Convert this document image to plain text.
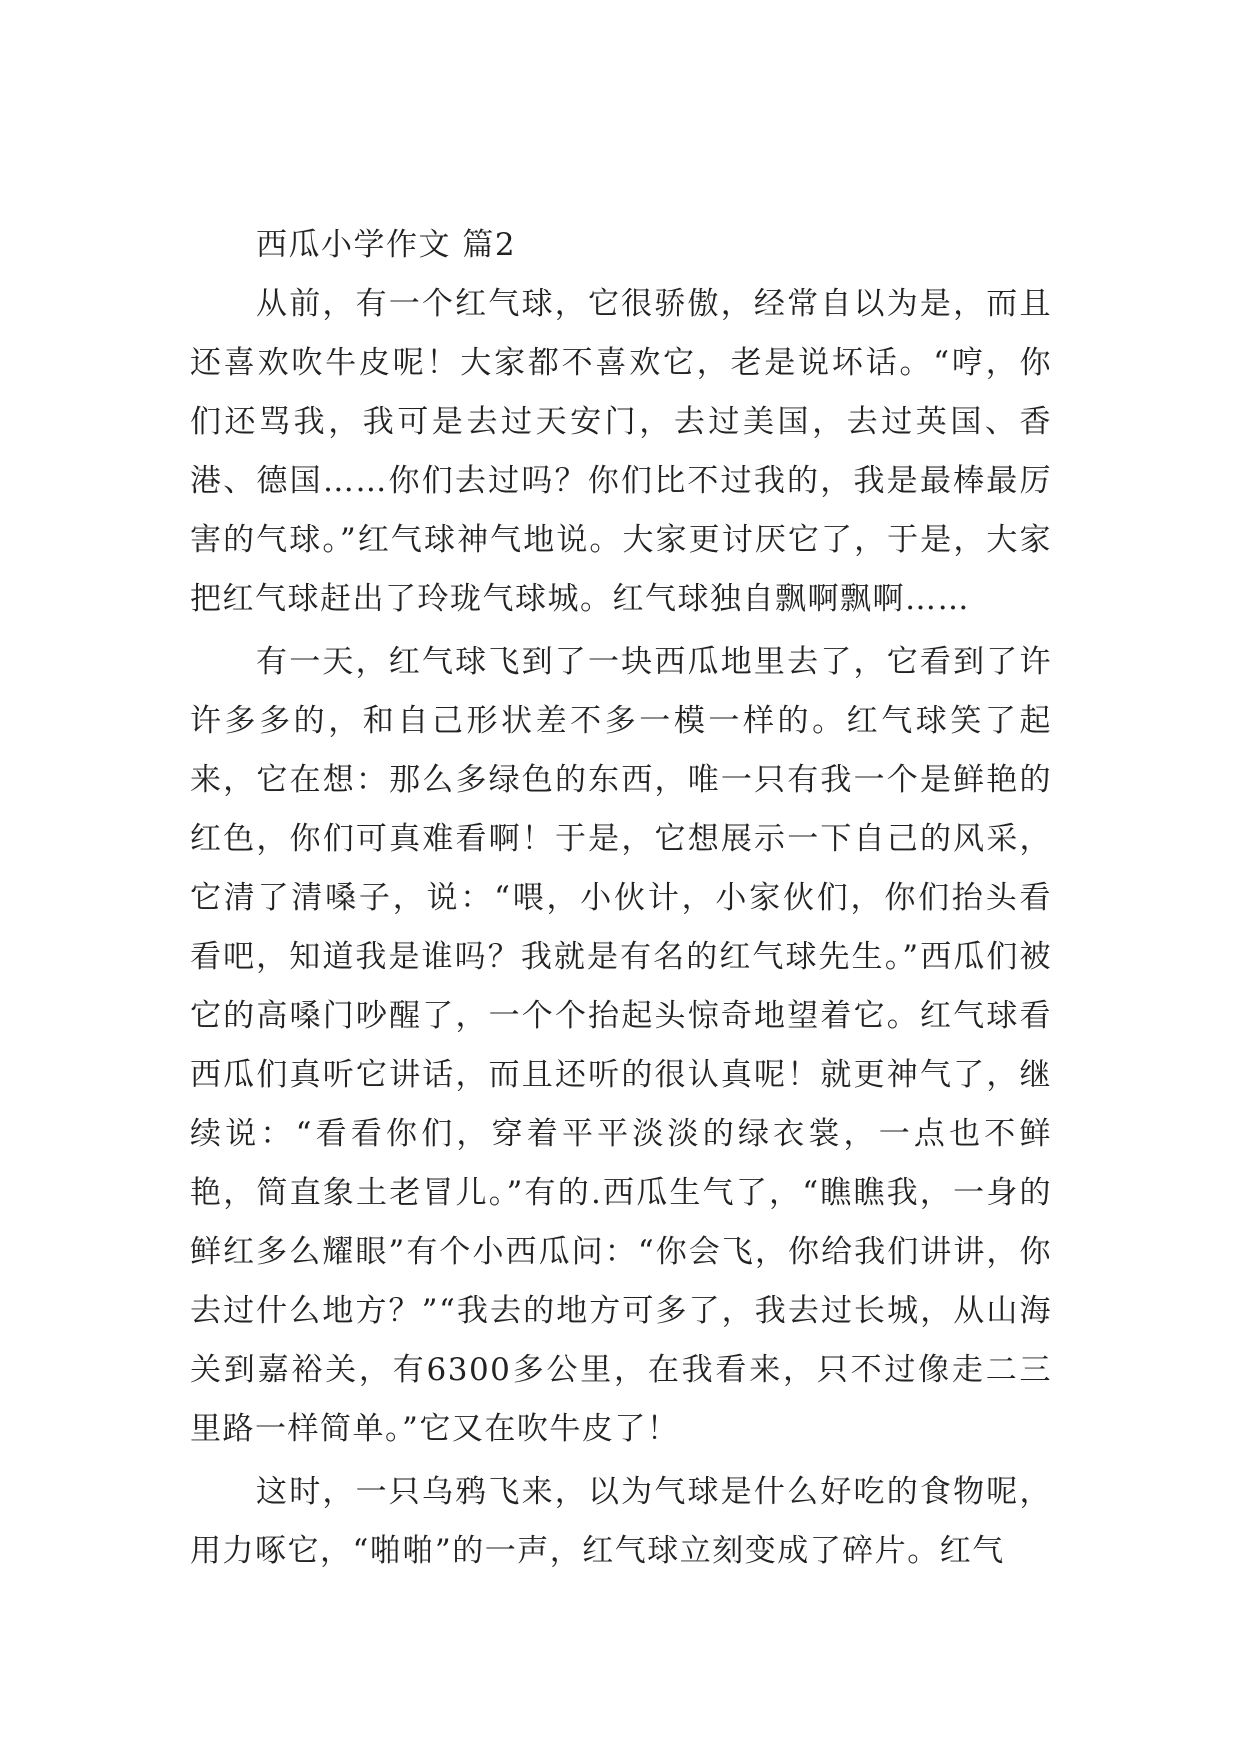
西瓜小学作文 篇2

从前，有一个红气球，它很骄傲，经常自以为是，而且还喜欢吹牛皮呢！大家都不喜欢它，老是说坏话。“哼，你们还骂我，我可是去过天安门，去过美国，去过英国、香港、德国……你们去过吗？你们比不过我的，我是最棒最厉害的气球。”红气球神气地说。大家更讨厌它了，于是，大家把红气球赶出了玲珑气球城。红气球独自飘啊飘啊……

有一天，红气球飞到了一块西瓜地里去了，它看到了许许多多的，和自己形状差不多一模一样的。红气球笑了起来，它在想：那么多绿色的东西，唯一只有我一个是鲜艳的红色，你们可真难看啊！于是，它想展示一下自己的风采，它清了清嗓子，说：“喂，小伙计，小家伙们，你们抬头看看吧，知道我是谁吗？我就是有名的红气球先生。”西瓜们被它的高嗓门吵醒了，一个个抬起头惊奇地望着它。红气球看西瓜们真听它讲话，而且还听的很认真呢！就更神气了，继续说：“看看你们，穿着平平淡淡的绿衣裳，一点也不鲜艳，简直象土老冒儿。”有的.西瓜生气了，“瞧瞧我，一身的鲜红多么耀眼”有个小西瓜问：“你会飞，你给我们讲讲，你去过什么地方？”“我去的地方可多了，我去过长城，从山海关到嘉裕关，有6300多公里，在我看来，只不过像走二三里路一样简单。”它又在吹牛皮了！

这时，一只乌鸦飞来，以为气球是什么好吃的食物呢，用力啄它，“啪啪”的一声，红气球立刻变成了碎片。红气
